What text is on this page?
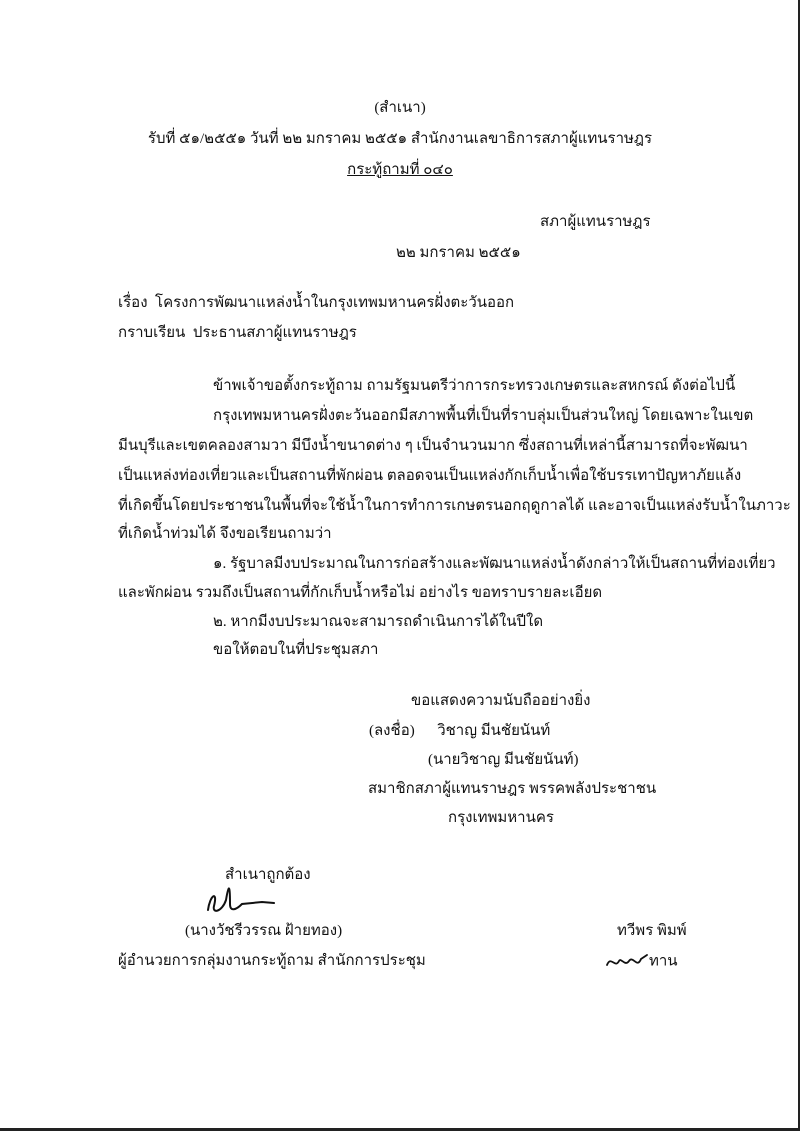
(สำเนา)
รับที่ ๕๑/๒๕๕๑ วันที่ ๒๒ มกราคม ๒๕๕๑ สำนักงานเลขาธิการสภาผู้แทนราษฎร
กระทู้ถามที่ ๐๔๐
สภาผู้แทนราษฎร
๒๒ มกราคม ๒๕๕๑
เรื่อง โครงการพัฒนาแหล่งน้ำในกรุงเทพมหานครฝั่งตะวันออก
กราบเรียน ประธานสภาผู้แทนราษฎร
ข้าพเจ้าขอตั้งกระทู้ถาม ถามรัฐมนตรีว่าการกระทรวงเกษตรและสหกรณ์ ดังต่อไปนี้
กรุงเทพมหานครฝั่งตะวันออกมีสภาพพื้นที่เป็นที่ราบลุ่มเป็นส่วนใหญ่ โดยเฉพาะในเขต
มีนบุรีและเขตคลองสามวา มีบึงน้ำขนาดต่าง ๆ เป็นจำนวนมาก ซึ่งสถานที่เหล่านี้สามารถที่จะพัฒนา
เป็นแหล่งท่องเที่ยวและเป็นสถานที่พักผ่อน ตลอดจนเป็นแหล่งกักเก็บน้ำเพื่อใช้บรรเทาปัญหาภัยแล้ง
ที่เกิดขึ้นโดยประชาชนในพื้นที่จะใช้น้ำในการทำการเกษตรนอกฤดูกาลได้ และอาจเป็นแหล่งรับน้ำในภาวะ
ที่เกิดน้ำท่วมได้ จึงขอเรียนถามว่า
๑. รัฐบาลมีงบประมาณในการก่อสร้างและพัฒนาแหล่งน้ำดังกล่าวให้เป็นสถานที่ท่องเที่ยว
และพักผ่อน รวมถึงเป็นสถานที่กักเก็บน้ำหรือไม่ อย่างไร ขอทราบรายละเอียด
๒. หากมีงบประมาณจะสามารถดำเนินการได้ในปีใด
ขอให้ตอบในที่ประชุมสภา
ขอแสดงความนับถืออย่างยิ่ง
(ลงชื่อ) วิชาญ มีนชัยนันท์
(นายวิชาญ มีนชัยนันท์)
สมาชิกสภาผู้แทนราษฎร พรรคพลังประชาชน
กรุงเทพมหานคร
สำเนาถูกต้อง
(นางวัชรีวรรณ ฝ้ายทอง)
ผู้อำนวยการกลุ่มงานกระทู้ถาม สำนักการประชุม
ทวีพร พิมพ์
ทาน
